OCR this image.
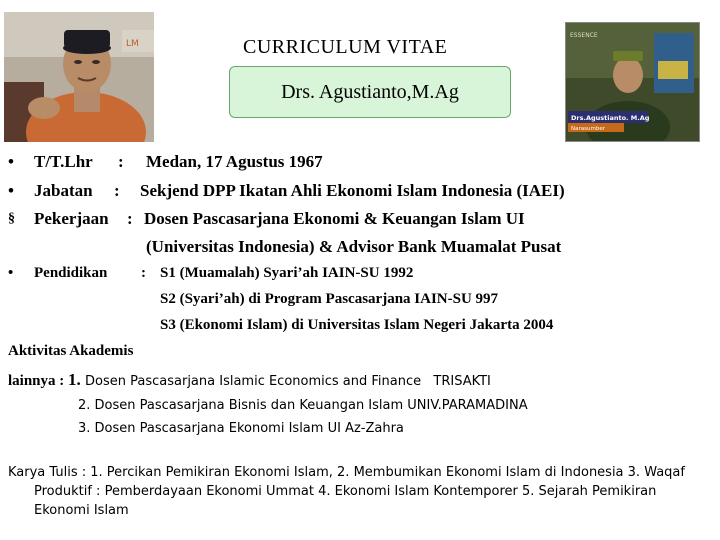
LM	CURRICULUM VITAE
Drs. Agustianto,M.Ag
ESSENCE
Drs.Agustianto. M.Ag
Narasumber
• T/T.Lhr : Medan, 17 Agustus 1967
• Jabatan : Sekjend DPP Ikatan Ahli Ekonomi Islam Indonesia (IAEI)
§ Pekerjaan : Dosen Pascasarjana Ekonomi & Keuangan Islam UI
(Universitas Indonesia) & Advisor Bank Muamalat Pusat
• Pendidikan : S1 (Muamalah) Syari’ah IAIN-SU 1992
S2 (Syari’ah) di Program Pascasarjana IAIN-SU 997
S3 (Ekonomi Islam) di Universitas Islam Negeri Jakarta 2004
Aktivitas Akademis
lainnya : 1. Dosen Pascasarjana Islamic Economics and Finance TRISAKTI
2. Dosen Pascasarjana Bisnis dan Keuangan Islam UNIV.PARAMADINA
3. Dosen Pascasarjana Ekonomi Islam UI Az-Zahra
Karya Tulis : 1. Percikan Pemikiran Ekonomi Islam, 2. Membumikan Ekonomi Islam di Indonesia 3. Waqaf Produktif : Pemberdayaan Ekonomi Ummat 4. Ekonomi Islam Kontemporer 5. Sejarah Pemikiran Ekonomi Islam
